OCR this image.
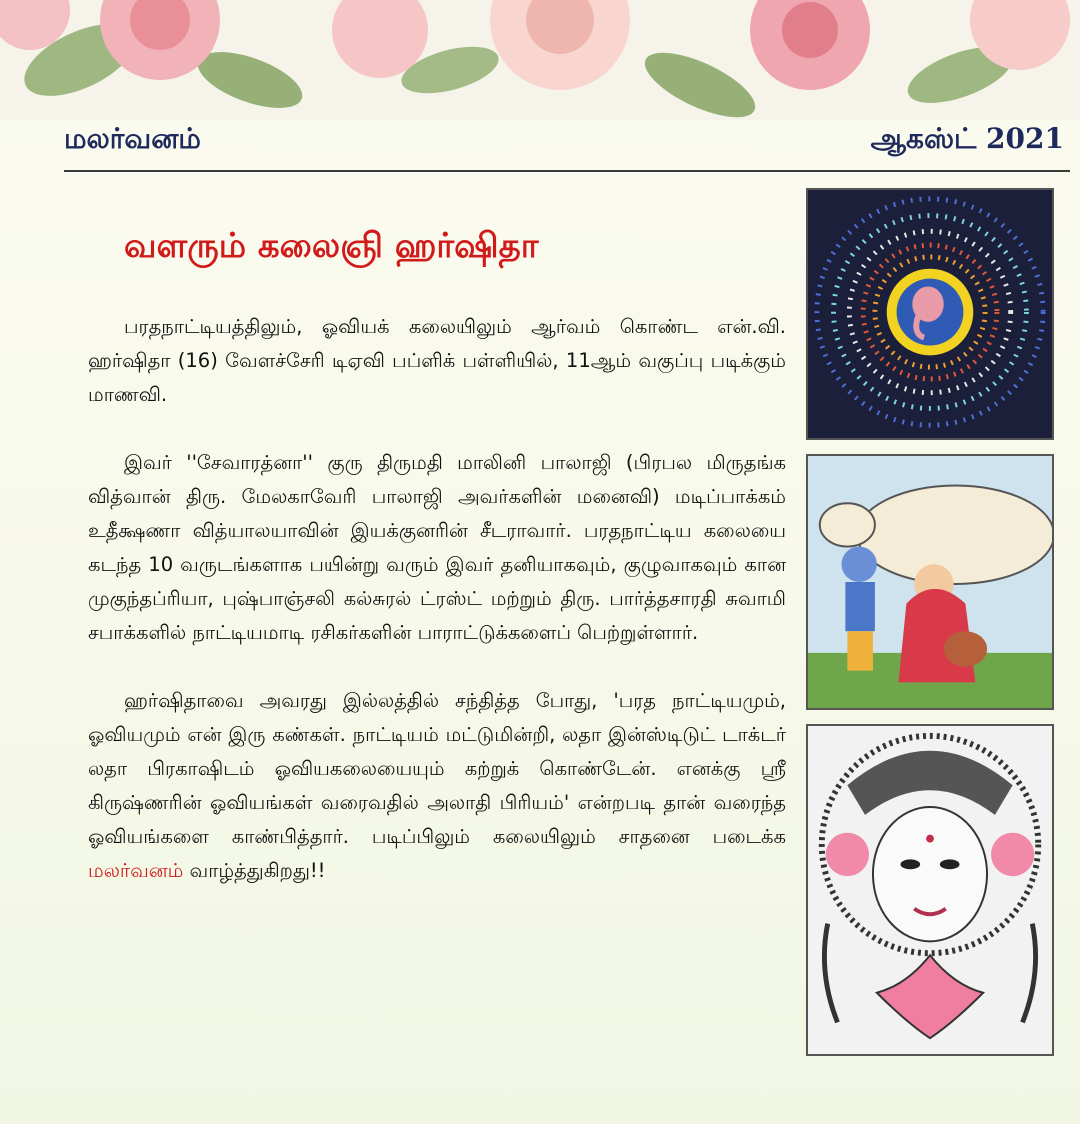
மலர்வனம்	ஆகஸ்ட் 2021
வளரும் கலைஞி ஹர்ஷிதா

பரதநாட்டியத்திலும், ஓவியக் கலையிலும் ஆர்வம் கொண்ட என்.வி. ஹர்ஷிதா (16) வேளச்சேரி டிஏவி பப்ளிக் பள்ளியில், 11ஆம் வகுப்பு படிக்கும் மாணவி.

இவர் ''சேவாரத்னா'' குரு திருமதி மாலினி பாலாஜி (பிரபல மிருதங்க வித்வான் திரு. மேலகாவேரி பாலாஜி அவர்களின் மனைவி) மடிப்பாக்கம் உதீக்ஷணா வித்யாலயாவின் இயக்குனரின் சீடராவார். பரதநாட்டிய கலையை கடந்த 10 வருடங்களாக பயின்று வரும் இவர் தனியாகவும், குழுவாகவும் கான முகுந்தப்ரியா, புஷ்பாஞ்சலி கல்சுரல் ட்ரஸ்ட் மற்றும் திரு. பார்த்தசாரதி சுவாமி சபாக்களில் நாட்டியமாடி ரசிகர்களின் பாராட்டுக்களைப் பெற்றுள்ளார்.

ஹர்ஷிதாவை அவரது இல்லத்தில் சந்தித்த போது, 'பரத நாட்டியமும், ஓவியமும் என் இரு கண்கள். நாட்டியம் மட்டுமின்றி, லதா இன்ஸ்டிடுட் டாக்டர் லதா பிரகாஷிடம் ஓவியகலையையும் கற்றுக் கொண்டேன். எனக்கு ஸ்ரீ கிருஷ்ணரின் ஓவியங்கள் வரைவதில் அலாதி பிரியம்' என்றபடி தான் வரைந்த ஓவியங்களை காண்பித்தார். படிப்பிலும் கலையிலும் சாதனை படைக்க மலர்வனம் வாழ்த்துகிறது!!
